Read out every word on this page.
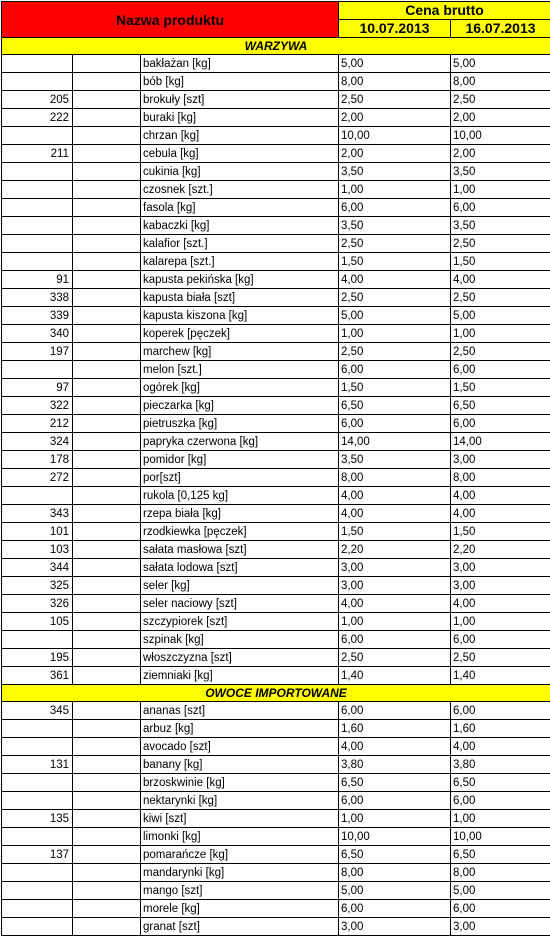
Nazwa produktu			Cena brutto	
			10.07.2013	16.07.2013
WARZYWA				
		bakłażan [kg]	5,00	5,00
		bób [kg]	8,00	8,00
205		brokuły [szt]	2,50	2,50
222		buraki [kg]	2,00	2,00
		chrzan [kg]	10,00	10,00
211		cebula [kg]	2,00	2,00
		cukinia [kg]	3,50	3,50
		czosnek [szt.]	1,00	1,00
		fasola [kg]	6,00	6,00
		kabaczki [kg]	3,50	3,50
		kalafior [szt.]	2,50	2,50
		kalarepa [szt.]	1,50	1,50
91		kapusta pekińska [kg]	4,00	4,00
338		kapusta biała [szt]	2,50	2,50
339		kapusta kiszona [kg]	5,00	5,00
340		koperek [pęczek]	1,00	1,00
197		marchew [kg]	2,50	2,50
		melon [szt.]	6,00	6,00
97		ogórek [kg]	1,50	1,50
322		pieczarka [kg]	6,50	6,50
212		pietruszka [kg]	6,00	6,00
324		papryka czerwona [kg]	14,00	14,00
178		pomidor [kg]	3,50	3,00
272		por[szt]	8,00	8,00
		rukola [0,125 kg]	4,00	4,00
343		rzepa biała [kg]	4,00	4,00
101		rzodkiewka [pęczek]	1,50	1,50
103		sałata masłowa [szt]	2,20	2,20
344		sałata lodowa [szt]	3,00	3,00
325		seler [kg]	3,00	3,00
326		seler naciowy [szt]	4,00	4,00
105		szczypiorek [szt]	1,00	1,00
		szpinak [kg]	6,00	6,00
195		włoszczyzna [szt]	2,50	2,50
361		ziemniaki [kg]	1,40	1,40
OWOCE IMPORTOWANE				
345		ananas [szt]	6,00	6,00
		arbuz [kg]	1,60	1,60
		avocado [szt]	4,00	4,00
131		banany [kg]	3,80	3,80
		brzoskwinie [kg]	6,50	6,50
		nektarynki [kg]	6,00	6,00
135		kiwi [szt]	1,00	1,00
		limonki [kg]	10,00	10,00
137		pomarańcze [kg]	6,50	6,50
		mandarynki [kg]	8,00	8,00
		mango [szt]	5,00	5,00
		morele [kg]	6,00	6,00
		granat [szt]	3,00	3,00
